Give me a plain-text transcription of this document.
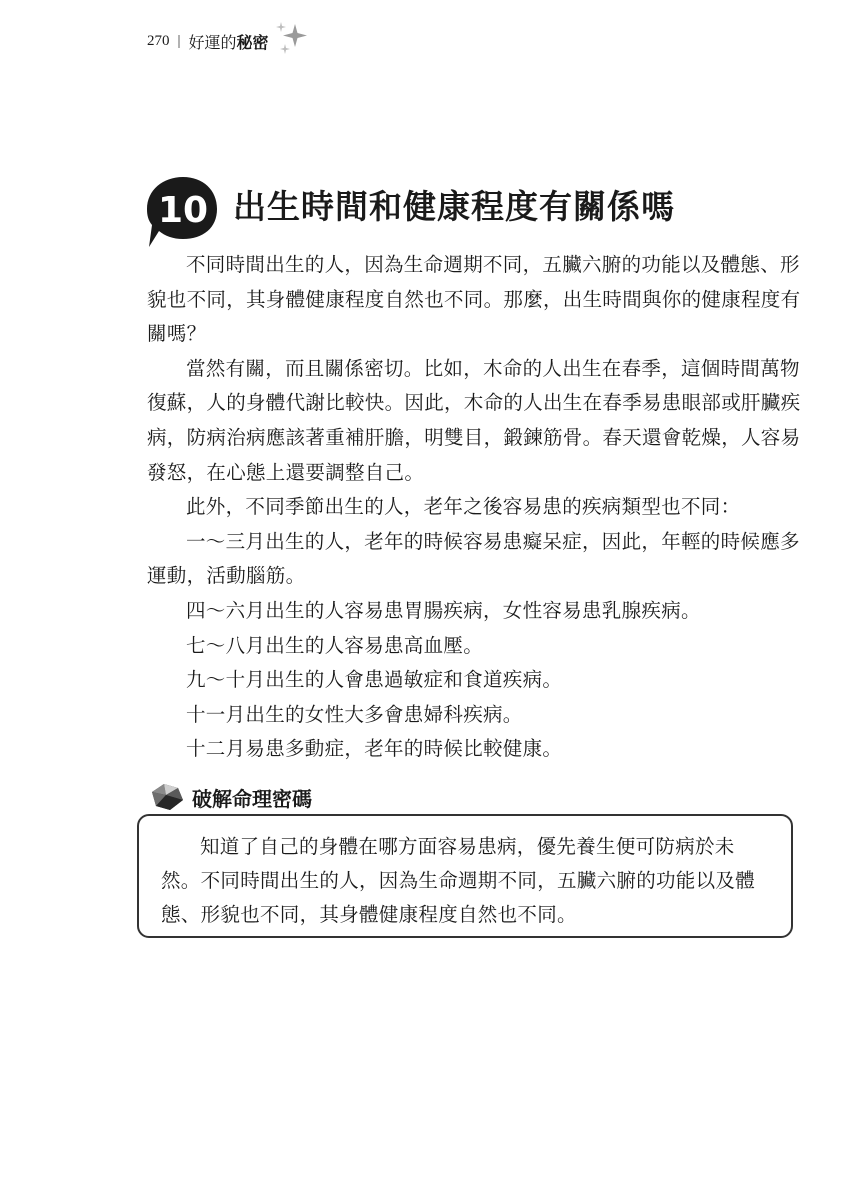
270 | 好運的秘密
10 出生時間和健康程度有關係嗎

不同時間出生的人，因為生命週期不同，五臟六腑的功能以及體態、形貌也不同，其身體健康程度自然也不同。那麼，出生時間與你的健康程度有關嗎？

當然有關，而且關係密切。比如，木命的人出生在春季，這個時間萬物復蘇，人的身體代謝比較快。因此，木命的人出生在春季易患眼部或肝臟疾病，防病治病應該著重補肝膽，明雙目，鍛鍊筋骨。春天還會乾燥，人容易發怒，在心態上還要調整自己。

此外，不同季節出生的人，老年之後容易患的疾病類型也不同：

一～三月出生的人，老年的時候容易患癡呆症，因此，年輕的時候應多運動，活動腦筋。

四～六月出生的人容易患胃腸疾病，女性容易患乳腺疾病。

七～八月出生的人容易患高血壓。

九～十月出生的人會患過敏症和食道疾病。

十一月出生的女性大多會患婦科疾病。

十二月易患多動症，老年的時候比較健康。

破解命理密碼

知道了自己的身體在哪方面容易患病，優先養生便可防病於未然。不同時間出生的人，因為生命週期不同，五臟六腑的功能以及體態、形貌也不同，其身體健康程度自然也不同。
